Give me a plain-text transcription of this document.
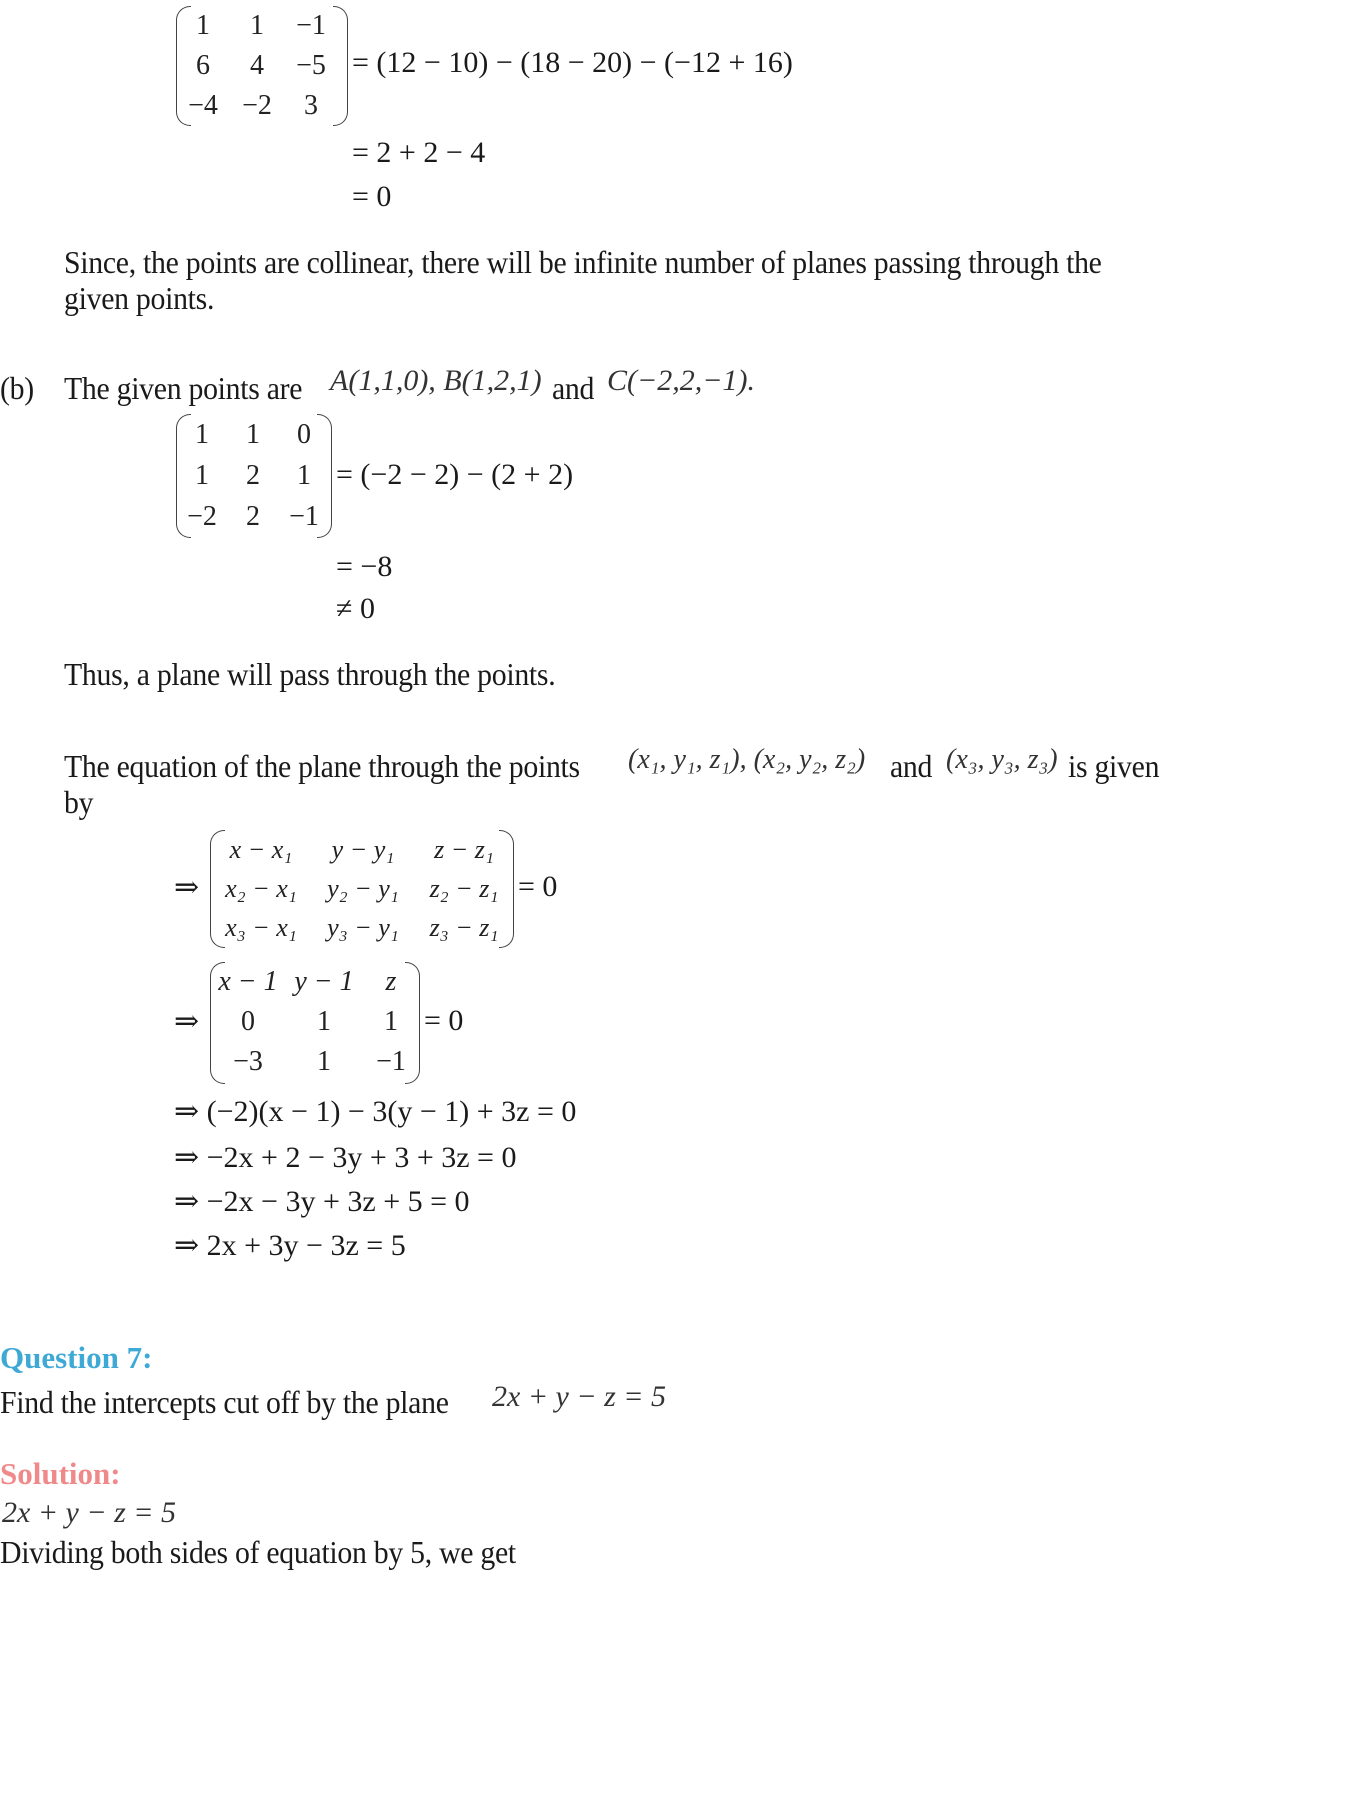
1 1 −1
6 4 −5
−4 −2 3
= (12 − 10) − (18 − 20) − (−12 + 16)
= 2 + 2 − 4
= 0
Since, the points are collinear, there will be infinite number of planes passing through the
given points.
(b) The given points are A(1,1,0), B(1,2,1) and C(−2,2,−1).
1 1 0
1 2 1
−2 2 −1
= (−2 − 2) − (2 + 2)
= −8
≠ 0
Thus, a plane will pass through the points.
The equation of the plane through the points (x₁, y₁, z₁), (x₂, y₂, z₂) and (x₃, y₃, z₃) is given
by
⇒
x − x₁ y − y₁ z − z₁
x₂ − x₁ y₂ − y₁ z₂ − z₁
x₃ − x₁ y₃ − y₁ z₃ − z₁
= 0
⇒
x − 1 y − 1 z
0 1 1
−3 1 −1
= 0
⇒ (−2)(x − 1) − 3(y − 1) + 3z = 0
⇒ −2x + 2 − 3y + 3 + 3z = 0
⇒ −2x − 3y + 3z + 5 = 0
⇒ 2x + 3y − 3z = 5
Question 7:
Find the intercepts cut off by the plane 2x + y − z = 5
Solution:
2x + y − z = 5
Dividing both sides of equation by 5, we get
